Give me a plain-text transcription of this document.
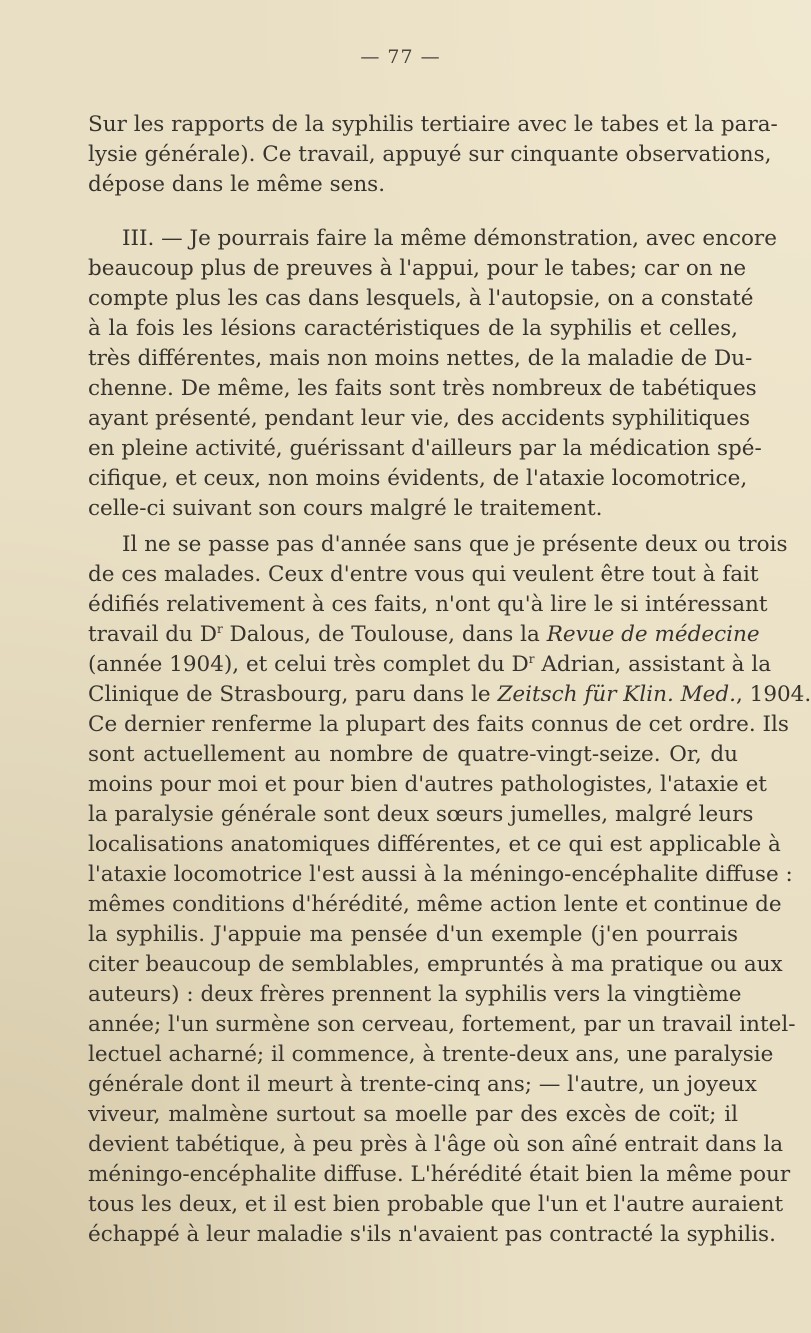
— 77 —
Sur les rapports de la syphilis tertiaire avec le tabes et la para-
lysie générale). Ce travail, appuyé sur cinquante observations,
dépose dans le même sens.
III. — Je pourrais faire la même démonstration, avec encore
beaucoup plus de preuves à l'appui, pour le tabes; car on ne
compte plus les cas dans lesquels, à l'autopsie, on a constaté
à la fois les lésions caractéristiques de la syphilis et celles,
très différentes, mais non moins nettes, de la maladie de Du-
chenne. De même, les faits sont très nombreux de tabétiques
ayant présenté, pendant leur vie, des accidents syphilitiques
en pleine activité, guérissant d'ailleurs par la médication spé-
cifique, et ceux, non moins évidents, de l'ataxie locomotrice,
celle-ci suivant son cours malgré le traitement.
Il ne se passe pas d'année sans que je présente deux ou trois
de ces malades. Ceux d'entre vous qui veulent être tout à fait
édifiés relativement à ces faits, n'ont qu'à lire le si intéressant
travail du $D^r$ Dalous, de Toulouse, dans la Revue de médecine
(année 1904), et celui très complet du $D^r$ Adrian, assistant à la
Clinique de Strasbourg, paru dans le Zeitsch für Klin. Med., 1904.
Ce dernier renferme la plupart des faits connus de cet ordre. Ils
sont actuellement au nombre de quatre-vingt-seize. Or, du
moins pour moi et pour bien d'autres pathologistes, l'ataxie et
la paralysie générale sont deux sœurs jumelles, malgré leurs
localisations anatomiques différentes, et ce qui est applicable à
l'ataxie locomotrice l'est aussi à la méningo-encéphalite diffuse :
mêmes conditions d'hérédité, même action lente et continue de
la syphilis. J'appuie ma pensée d'un exemple (j'en pourrais
citer beaucoup de semblables, empruntés à ma pratique ou aux
auteurs) : deux frères prennent la syphilis vers la vingtième
année; l'un surmène son cerveau, fortement, par un travail intel-
lectuel acharné; il commence, à trente-deux ans, une paralysie
générale dont il meurt à trente-cinq ans; — l'autre, un joyeux
viveur, malmène surtout sa moelle par des excès de coït; il
devient tabétique, à peu près à l'âge où son aîné entrait dans la
méningo-encéphalite diffuse. L'hérédité était bien la même pour
tous les deux, et il est bien probable que l'un et l'autre auraient
échappé à leur maladie s'ils n'avaient pas contracté la syphilis.
